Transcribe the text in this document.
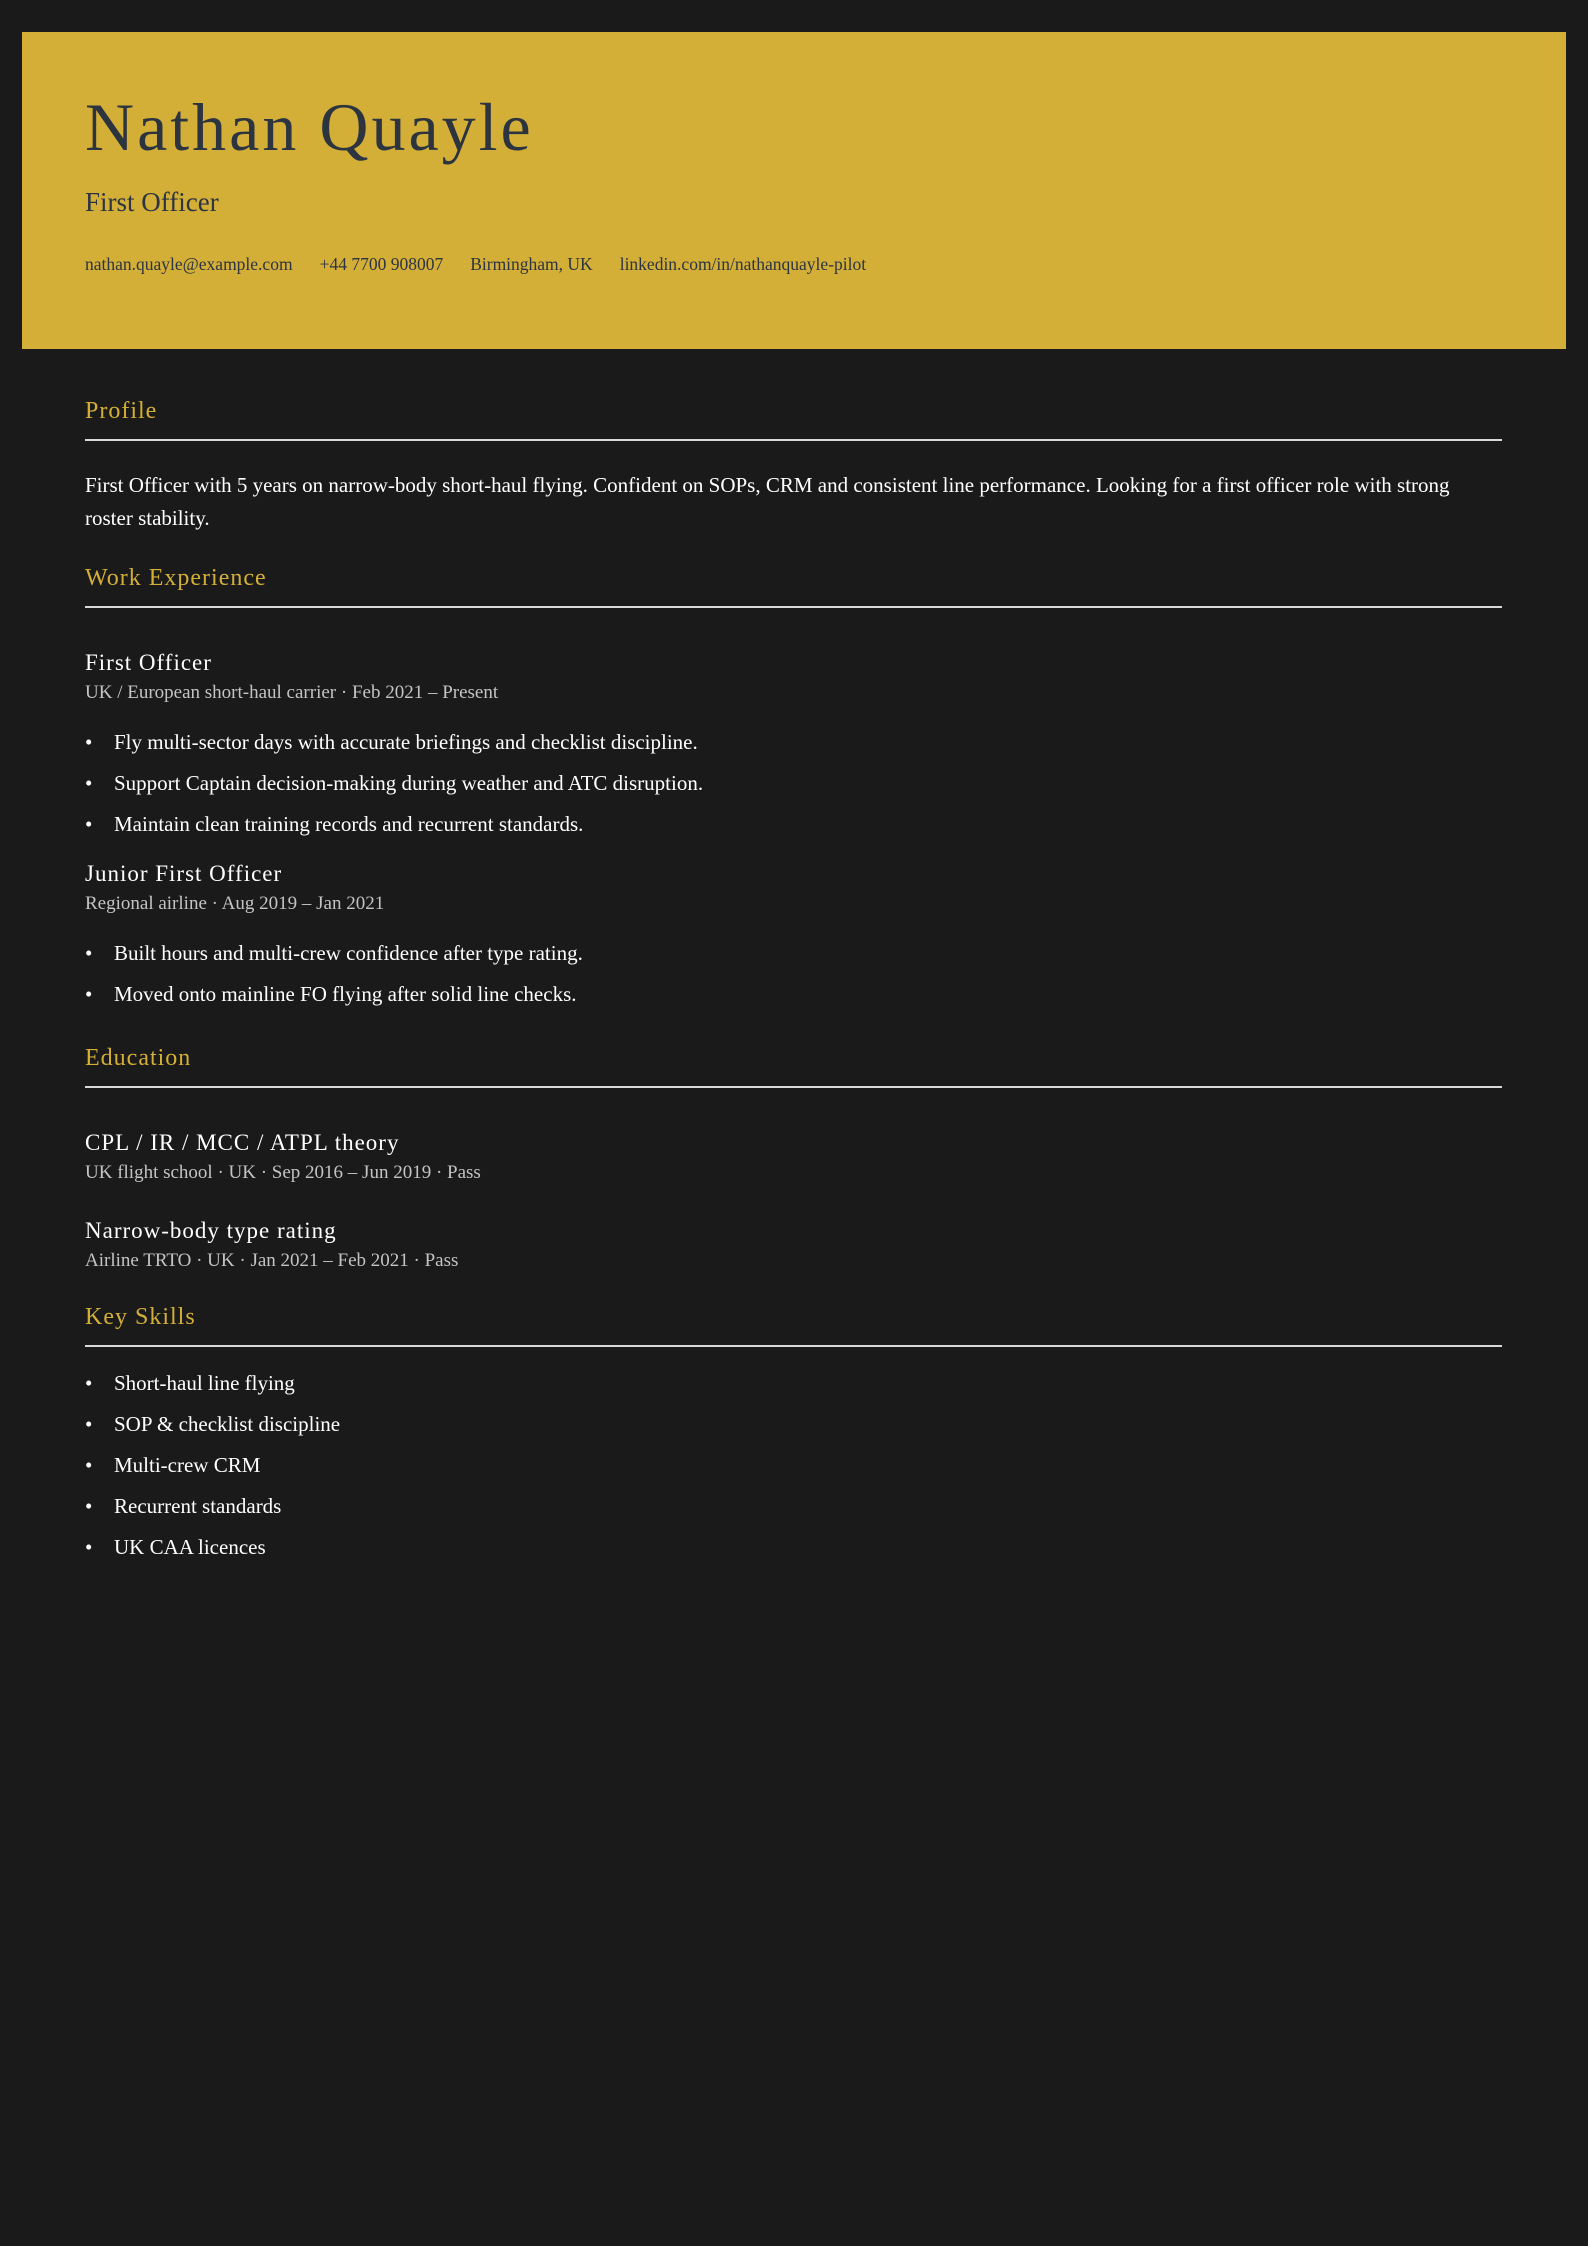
Nathan Quayle
First Officer
nathan.quayle@example.com +44 7700 908007 Birmingham, UK linkedin.com/in/nathanquayle-pilot
Profile

First Officer with 5 years on narrow-body short-haul flying. Confident on SOPs, CRM and consistent line performance. Looking for a first officer role with strong roster stability.

Work Experience
First Officer
UK / European short-haul carrier · Feb 2021 – Present
• Fly multi-sector days with accurate briefings and checklist discipline.
• Support Captain decision-making during weather and ATC disruption.
• Maintain clean training records and recurrent standards.
Junior First Officer
Regional airline · Aug 2019 – Jan 2021
• Built hours and multi-crew confidence after type rating.
• Moved onto mainline FO flying after solid line checks.
Education
CPL / IR / MCC / ATPL theory
UK flight school · UK · Sep 2016 – Jun 2019 · Pass
Narrow-body type rating
Airline TRTO · UK · Jan 2021 – Feb 2021 · Pass
Key Skills
• Short-haul line flying
• SOP & checklist discipline
• Multi-crew CRM
• Recurrent standards
• UK CAA licences
